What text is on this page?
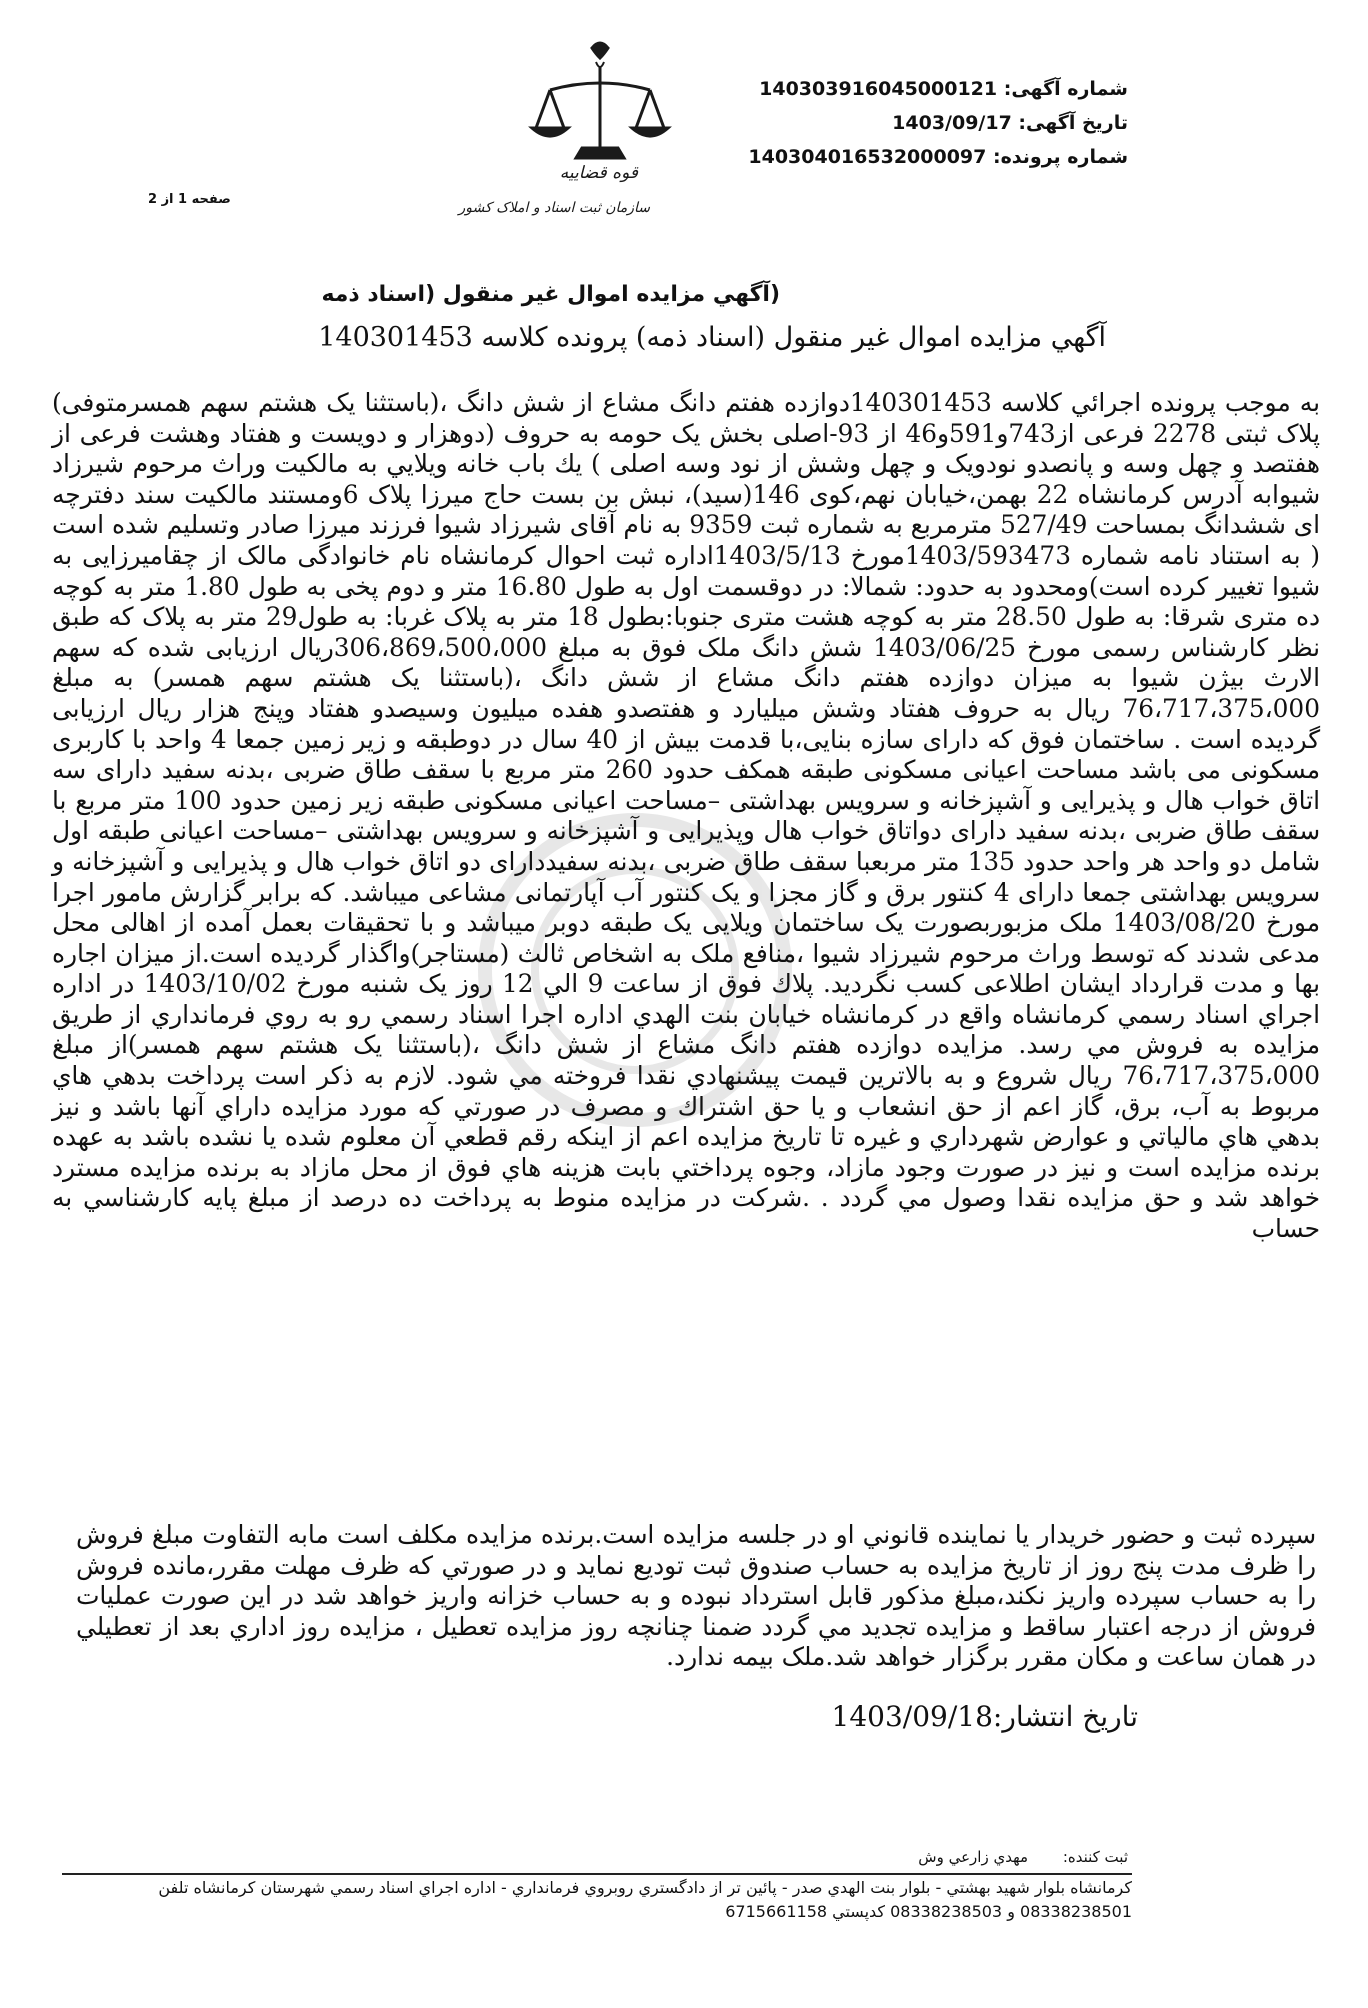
شماره آگهی: 140303916045000121
تاریخ آگهی: 1403/09/17
شماره پرونده: 140304016532000097
قوه قضاییه
سازمان ثبت اسناد و املاک کشور
صفحه 1 از 2
(آگهي مزايده اموال غير منقول (اسناد ذمه
آگهي مزايده اموال غير منقول (اسناد ذمه) پرونده كلاسه 140301453
به موجب پرونده اجرائي كلاسه 140301453دوازده هفتم دانگ مشاع از شش دانگ ،(باستثنا يک هشتم سهم همسرمتوفی) پلاک ثبتی 2278 فرعی از743و591و46 از 93-اصلی بخش یک حومه به حروف (دوهزار و دویست و هفتاد وهشت فرعی از هفتصد و چهل وسه و پانصدو نودویک و چهل وشش از نود وسه اصلی ) يك باب خانه ويلايي به مالكيت وراث مرحوم شیرزاد شیوابه آدرس کرمانشاه 22 بهمن،خیابان نهم،کوی 146(سید)، نبش بن بست حاج میرزا پلاک 6ومستند مالکیت سند دفترچه ای ششدانگ بمساحت 527/49 مترمربع به شماره ثبت 9359 به نام آقای شیرزاد شیوا فرزند میرزا صادر وتسلیم شده است ( به استناد نامه شماره 1403/593473مورخ 1403/5/13اداره ثبت احوال کرمانشاه نام خانوادگی مالک از چقامیرزایی به شیوا تغییر کرده است)ومحدود به حدود: شمالا: در دوقسمت اول به طول 16.80 متر و دوم پخی به طول 1.80 متر به کوچه ده متری شرقا: به طول 28.50 متر به کوچه هشت متری جنوبا:بطول 18 متر به پلاک غربا: به طول29 متر به پلاک که طبق نظر کارشناس رسمی مورخ 1403/06/25 شش دانگ ملک فوق به مبلغ 306،869،500،000ریال ارزیابی شده که سهم الارث بیژن شیوا به میزان دوازده هفتم دانگ مشاع از شش دانگ ،(باستثنا يک هشتم سهم همسر) به مبلغ 76،717،375،000 ریال به حروف هفتاد وشش میلیارد و هفتصدو هفده میلیون وسیصدو هفتاد وپنج هزار ریال ارزیابی گردیده است . ساختمان فوق که دارای سازه بنایی،با قدمت بیش از 40 سال در دوطبقه و زیر زمین جمعا 4 واحد با کاربری مسکونی می باشد مساحت اعیانی مسکونی طبقه همکف حدود 260 متر مربع با سقف طاق ضربی ،بدنه سفید دارای سه اتاق خواب هال و پذیرایی و آشپزخانه و سرویس بهداشتی –مساحت اعیانی مسکونی طبقه زیر زمین حدود 100 متر مربع با سقف طاق ضربی ،بدنه سفید دارای دواتاق خواب هال وپذیرایی و آشپزخانه و سرویس بهداشتی –مساحت اعیانی طبقه اول شامل دو واحد هر واحد حدود 135 متر مربعبا سقف طاق ضربی ،بدنه سفیددارای دو اتاق خواب هال و پذیرایی و آشپزخانه و سرویس بهداشتی جمعا دارای 4 کنتور برق و گاز مجزا و یک کنتور آب آپارتمانی مشاعی میباشد. که برابر گزارش مامور اجرا مورخ 1403/08/20 ملک مزبوربصورت یک ساختمان ویلایی یک طبقه دوبر میباشد و با تحقیقات بعمل آمده از اهالی محل مدعی شدند که توسط وراث مرحوم شیرزاد شیوا ،منافع ملک به اشخاص ثالث (مستاجر)واگذار گردیده است.از میزان اجاره بها و مدت قرارداد ایشان اطلاعی کسب نگردید. پلاك فوق از ساعت 9 الي 12 روز یک شنبه مورخ 1403/10/02 در اداره اجراي اسناد رسمي كرمانشاه واقع در كرمانشاه خيابان بنت الهدي اداره اجرا اسناد رسمي رو به روي فرمانداري از طريق مزايده به فروش مي رسد. مزايده دوازده هفتم دانگ مشاع از شش دانگ ،(باستثنا يک هشتم سهم همسر)از مبلغ 76،717،375،000 ريال شروع و به بالاترين قيمت پيشنهادي نقدا فروخته مي شود. لازم به ذكر است پرداخت بدهي هاي مربوط به آب، برق، گاز اعم از حق انشعاب و يا حق اشتراك و مصرف در صورتي كه مورد مزايده داراي آنها باشد و نيز بدهي هاي مالياتي و عوارض شهرداري و غيره تا تاريخ مزايده اعم از اينكه رقم قطعي آن معلوم شده يا نشده باشد به عهده برنده مزايده است و نيز در صورت وجود مازاد، وجوه پرداختي بابت هزينه هاي فوق از محل مازاد به برنده مزايده مسترد خواهد شد و حق مزايده نقدا وصول مي گردد . .شركت در مزايده منوط به پرداخت ده درصد از مبلغ پايه كارشناسي به حساب
سپرده ثبت و حضور خريدار يا نماينده قانوني او در جلسه مزايده است.برنده مزايده مكلف است مابه التفاوت مبلغ فروش را ظرف مدت پنج روز از تاريخ مزايده به حساب صندوق ثبت توديع نمايد و در صورتي كه ظرف مهلت مقرر،مانده فروش را به حساب سپرده واريز نكند،مبلغ مذكور قابل استرداد نبوده و به حساب خزانه واريز خواهد شد در اين صورت عمليات فروش از درجه اعتبار ساقط و مزايده تجديد مي گردد ضمنا چنانچه روز مزايده تعطيل ، مزايده روز اداري بعد از تعطيلي در همان ساعت و مكان مقرر برگزار خواهد شد.ملک بیمه ندارد.
تاریخ انتشار:1403/09/18
ثبت کننده: مهدي زارعي وش
كرمانشاه بلوار شهيد بهشتي - بلوار بنت الهدي صدر - پائين تر از دادگستري روبروي فرمانداري - اداره اجراي اسناد رسمي شهرستان كرمانشاه تلفن
08338238501 و 08338238503 كدپستي 6715661158
